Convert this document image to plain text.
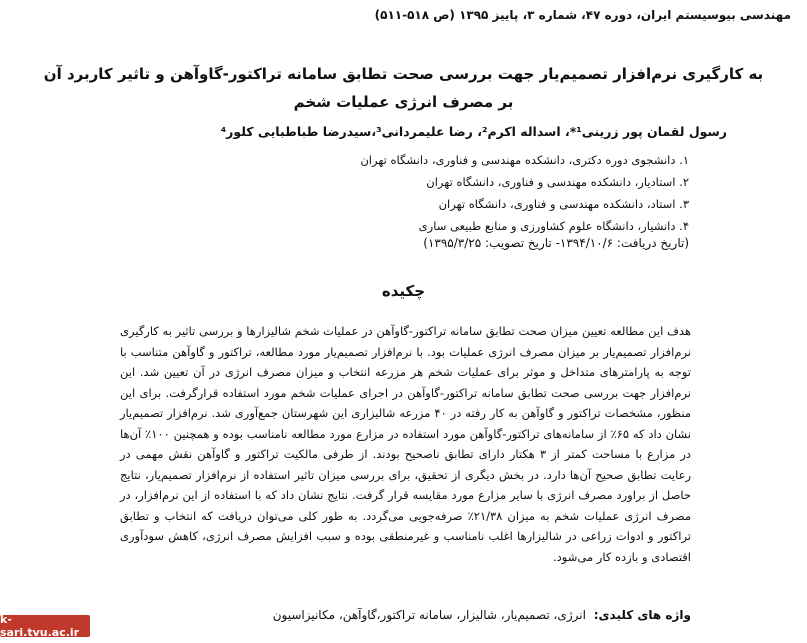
مهندسی بیوسیستم ایران، دوره ۴۷، شماره ۳، پاییز ۱۳۹۵ (ص ۵۱۸-۵۱۱)
به کارگیری نرم‌افزار تصمیم‌یار جهت بررسی صحت تطابق سامانه تراکتور-گاوآهن و تاثیر کاربرد آن بر مصرف انرژی عملیات شخم
رسول لقمان پور زرینی¹*، اسداله اکرم²، رضا علیمردانی³،سیدرضا طباطبایی کلور⁴
۱. دانشجوی دوره دکتری، دانشکده مهندسی و فناوری، دانشگاه تهران
۲. استادیار، دانشکده مهندسی و فناوری، دانشگاه تهران
۳. استاد، دانشکده مهندسی و فناوری، دانشگاه تهران
۴. دانشیار، دانشگاه علوم کشاورزی و منابع طبیعی ساری
(تاریخ دریافت: ۱۳۹۴/۱۰/۶- تاریخ تصویب: ۱۳۹۵/۳/۲۵)
چکیده
هدف این مطالعه تعیین میزان صحت تطابق سامانه تراکتور-گاوآهن در عملیات شخم شالیزارها و بررسی تاثیر به کارگیری نرم‌افزار تصمیم‌یار بر میزان مصرف انرژی عملیات بود. با نرم‌افزار تصمیم‌یار مورد مطالعه، تراکتور و گاوآهن متناسب با توجه به پارامترهای متداخل و موثر برای عملیات شخم هر مزرعه انتخاب و میزان مصرف انرژی در آن تعیین شد. این نرم‌افزار جهت بررسی صحت تطابق سامانه تراکتور-گاوآهن در اجرای عملیات شخم مورد استفاده قرارگرفت. برای این منظور، مشخصات تراکتور و گاوآهن به کار رفته در ۴۰ مزرعه شالیزاری این شهرستان جمع‌آوری شد. نرم‌افزار تصمیم‌یار نشان داد که ۶۵٪ از سامانه‌های تراکتور-گاوآهن مورد استفاده در مزارع مورد مطالعه نامناسب بوده و همچنین ۱۰۰٪ آن‌ها در مزارع با مساحت کمتر از ۳ هکتار دارای تطابق ناصحیح بودند. از طرفی مالکیت تراکتور و گاوآهن نقش مهمی در رعایت تطابق صحیح آن‌ها دارد. در بخش دیگری از تحقیق، برای بررسی میزان تاثیر استفاده از نرم‌افزار تصمیم‌یار، نتایج حاصل از براورد مصرف انرژی با سایر مزارع مورد مقایسه قرار گرفت. نتایج نشان داد که با استفاده از این نرم‌افزار، در مصرف انرژی عملیات شخم به میزان ۲۱/۳۸٪ صرفه‌جویی می‌گردد. به طور کلی می‌توان دریافت که انتخاب و تطابق تراکتور و ادوات زراعی در شالیزارها اغلب نامناسب و غیرمنطقی بوده و سبب افزایش مصرف انرژی، کاهش سودآوری اقتصادی و بازده کار می‌شود.
واژه های کلیدی: انرژی، تصمیم‌یار، شالیزار، سامانه تراکتور،گاوآهن، مکانیزاسیون
k-sari.tvu.ac.ir
